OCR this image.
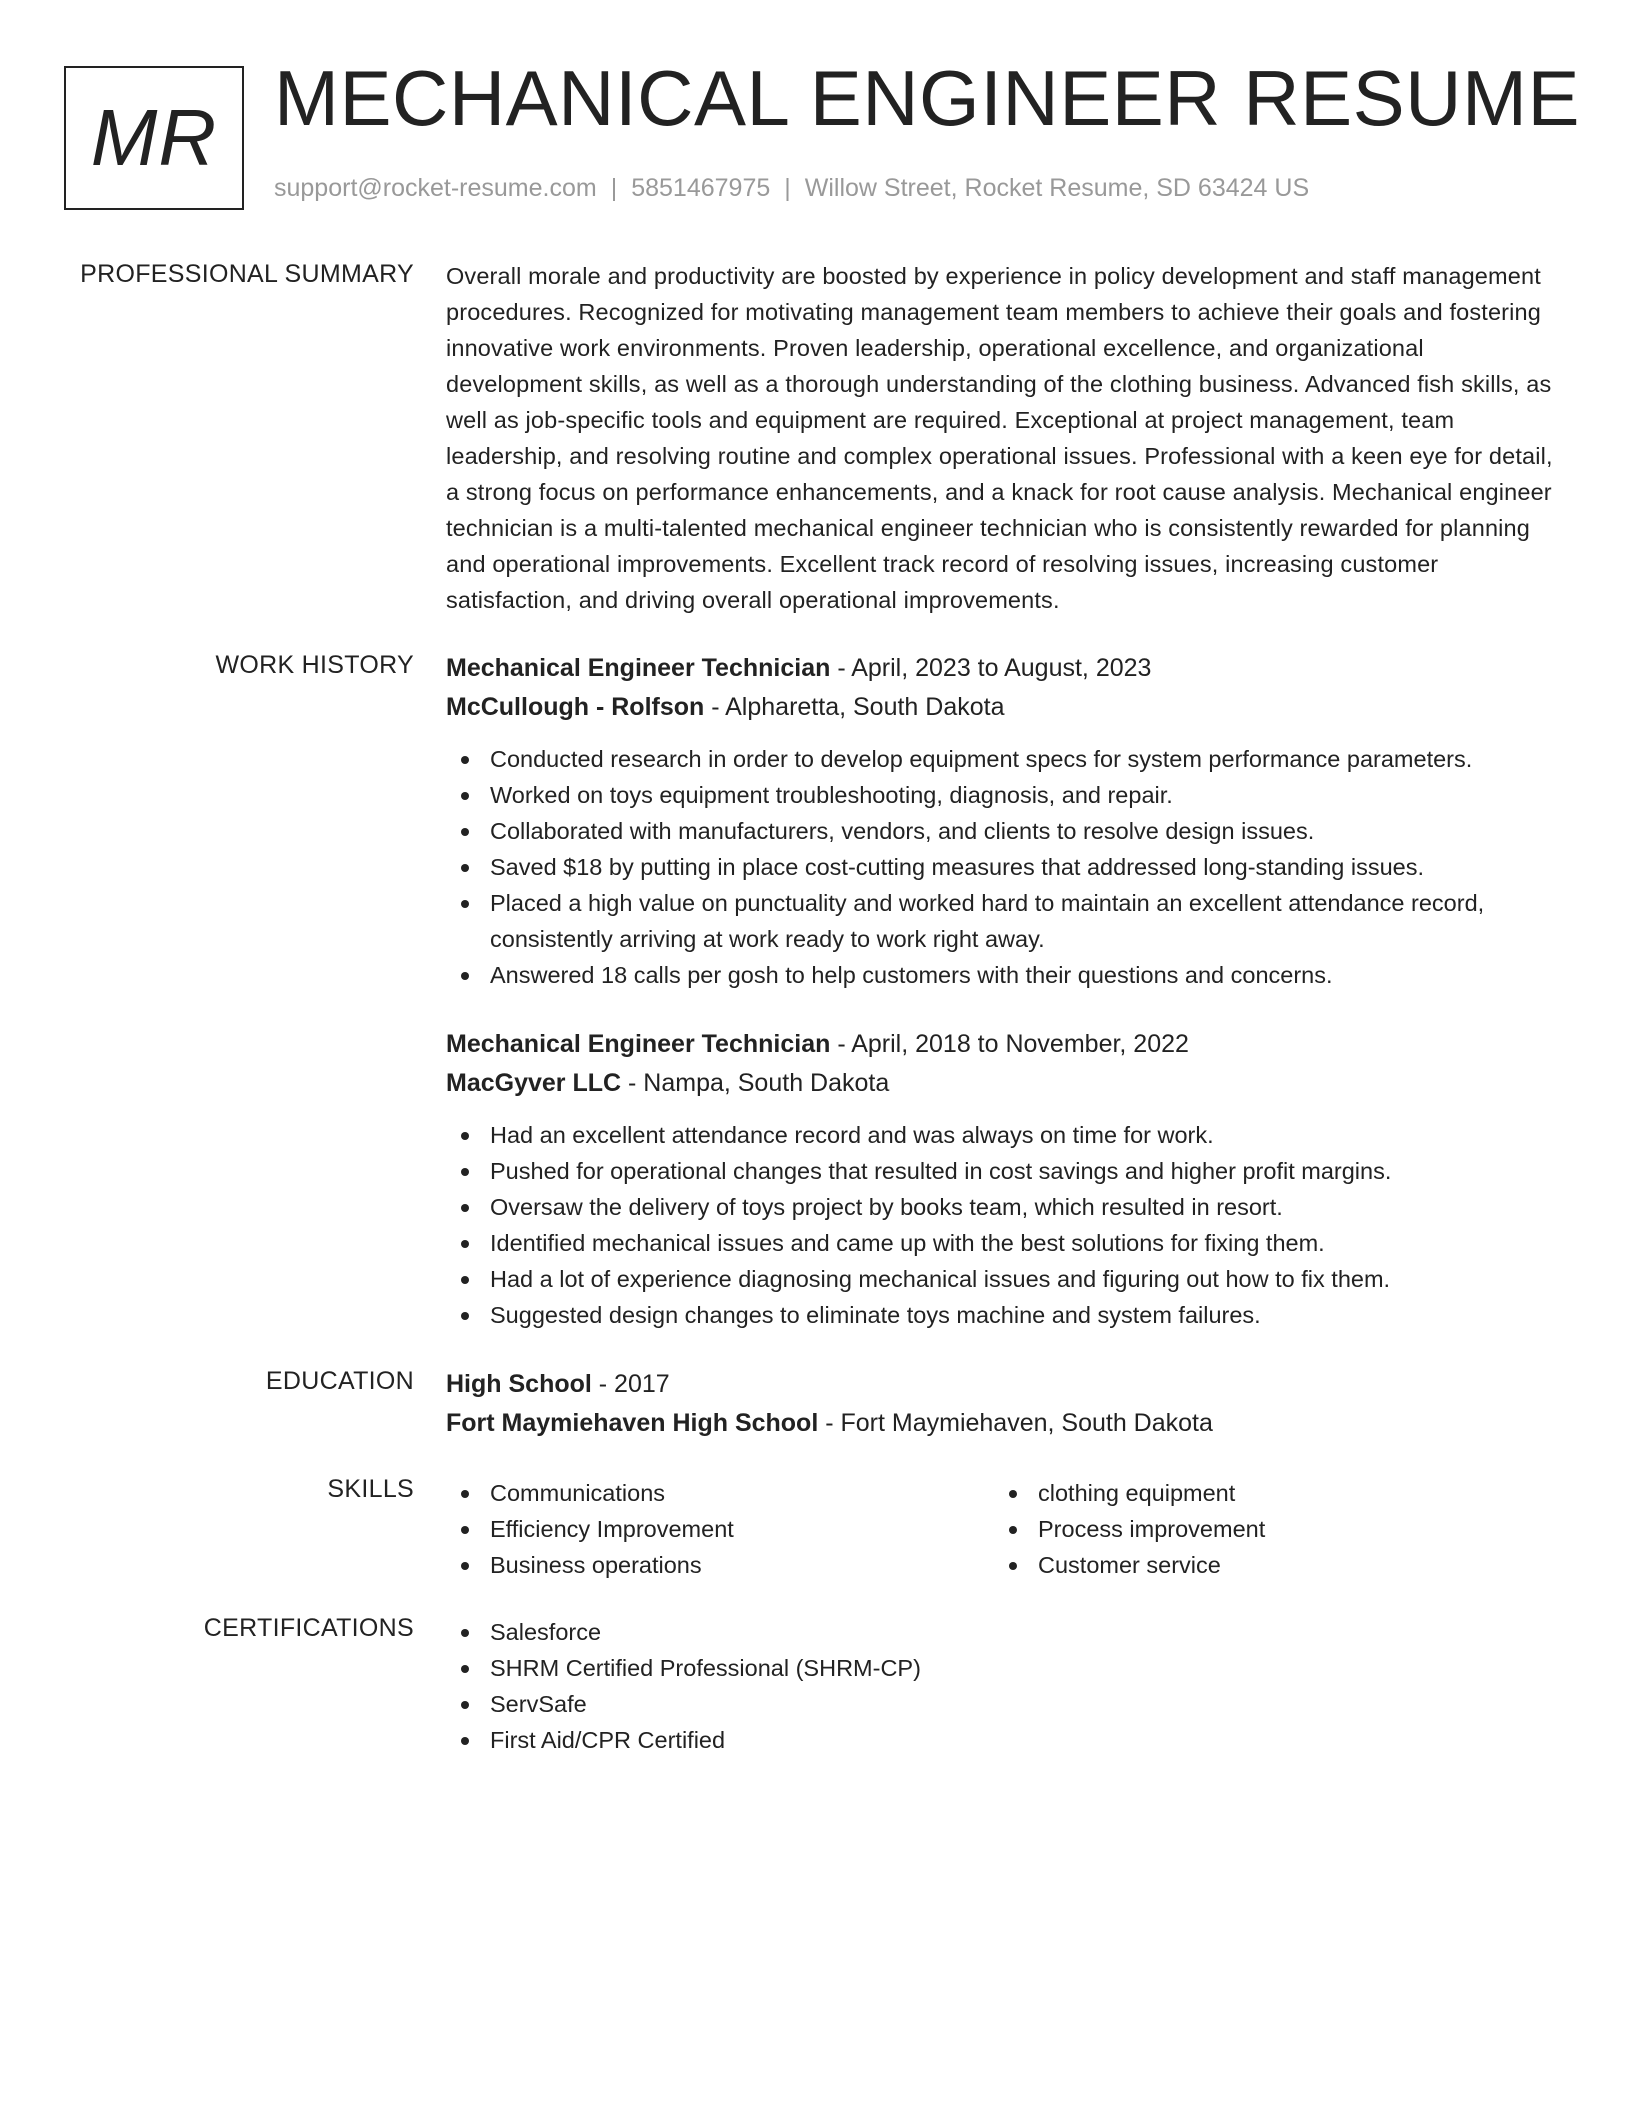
MR MECHANICAL ENGINEER RESUME
support@rocket-resume.com | 5851467975 | Willow Street, Rocket Resume, SD 63424 US
PROFESSIONAL SUMMARY Overall morale and productivity are boosted by experience in policy development and staff management procedures. Recognized for motivating management team members to achieve their goals and fostering innovative work environments. Proven leadership, operational excellence, and organizational development skills, as well as a thorough understanding of the clothing business. Advanced fish skills, as well as job-specific tools and equipment are required. Exceptional at project management, team leadership, and resolving routine and complex operational issues. Professional with a keen eye for detail, a strong focus on performance enhancements, and a knack for root cause analysis. Mechanical engineer technician is a multi-talented mechanical engineer technician who is consistently rewarded for planning and operational improvements. Excellent track record of resolving issues, increasing customer satisfaction, and driving overall operational improvements.
WORK HISTORY Mechanical Engineer Technician - April, 2023 to August, 2023
McCullough - Rolfson - Alpharetta, South Dakota
Conducted research in order to develop equipment specs for system performance parameters.
Worked on toys equipment troubleshooting, diagnosis, and repair.
Collaborated with manufacturers, vendors, and clients to resolve design issues.
Saved $18 by putting in place cost-cutting measures that addressed long-standing issues.
Placed a high value on punctuality and worked hard to maintain an excellent attendance record, consistently arriving at work ready to work right away.
Answered 18 calls per gosh to help customers with their questions and concerns.
Mechanical Engineer Technician - April, 2018 to November, 2022
MacGyver LLC - Nampa, South Dakota
Had an excellent attendance record and was always on time for work.
Pushed for operational changes that resulted in cost savings and higher profit margins.
Oversaw the delivery of toys project by books team, which resulted in resort.
Identified mechanical issues and came up with the best solutions for fixing them.
Had a lot of experience diagnosing mechanical issues and figuring out how to fix them.
Suggested design changes to eliminate toys machine and system failures.
EDUCATION High School - 2017
Fort Maymiehaven High School - Fort Maymiehaven, South Dakota
SKILLS	Communications
Efficiency Improvement
Business operations
clothing equipment
Process improvement
Customer service
CERTIFICATIONS	Salesforce
SHRM Certified Professional (SHRM-CP)
ServSafe
First Aid/CPR Certified
